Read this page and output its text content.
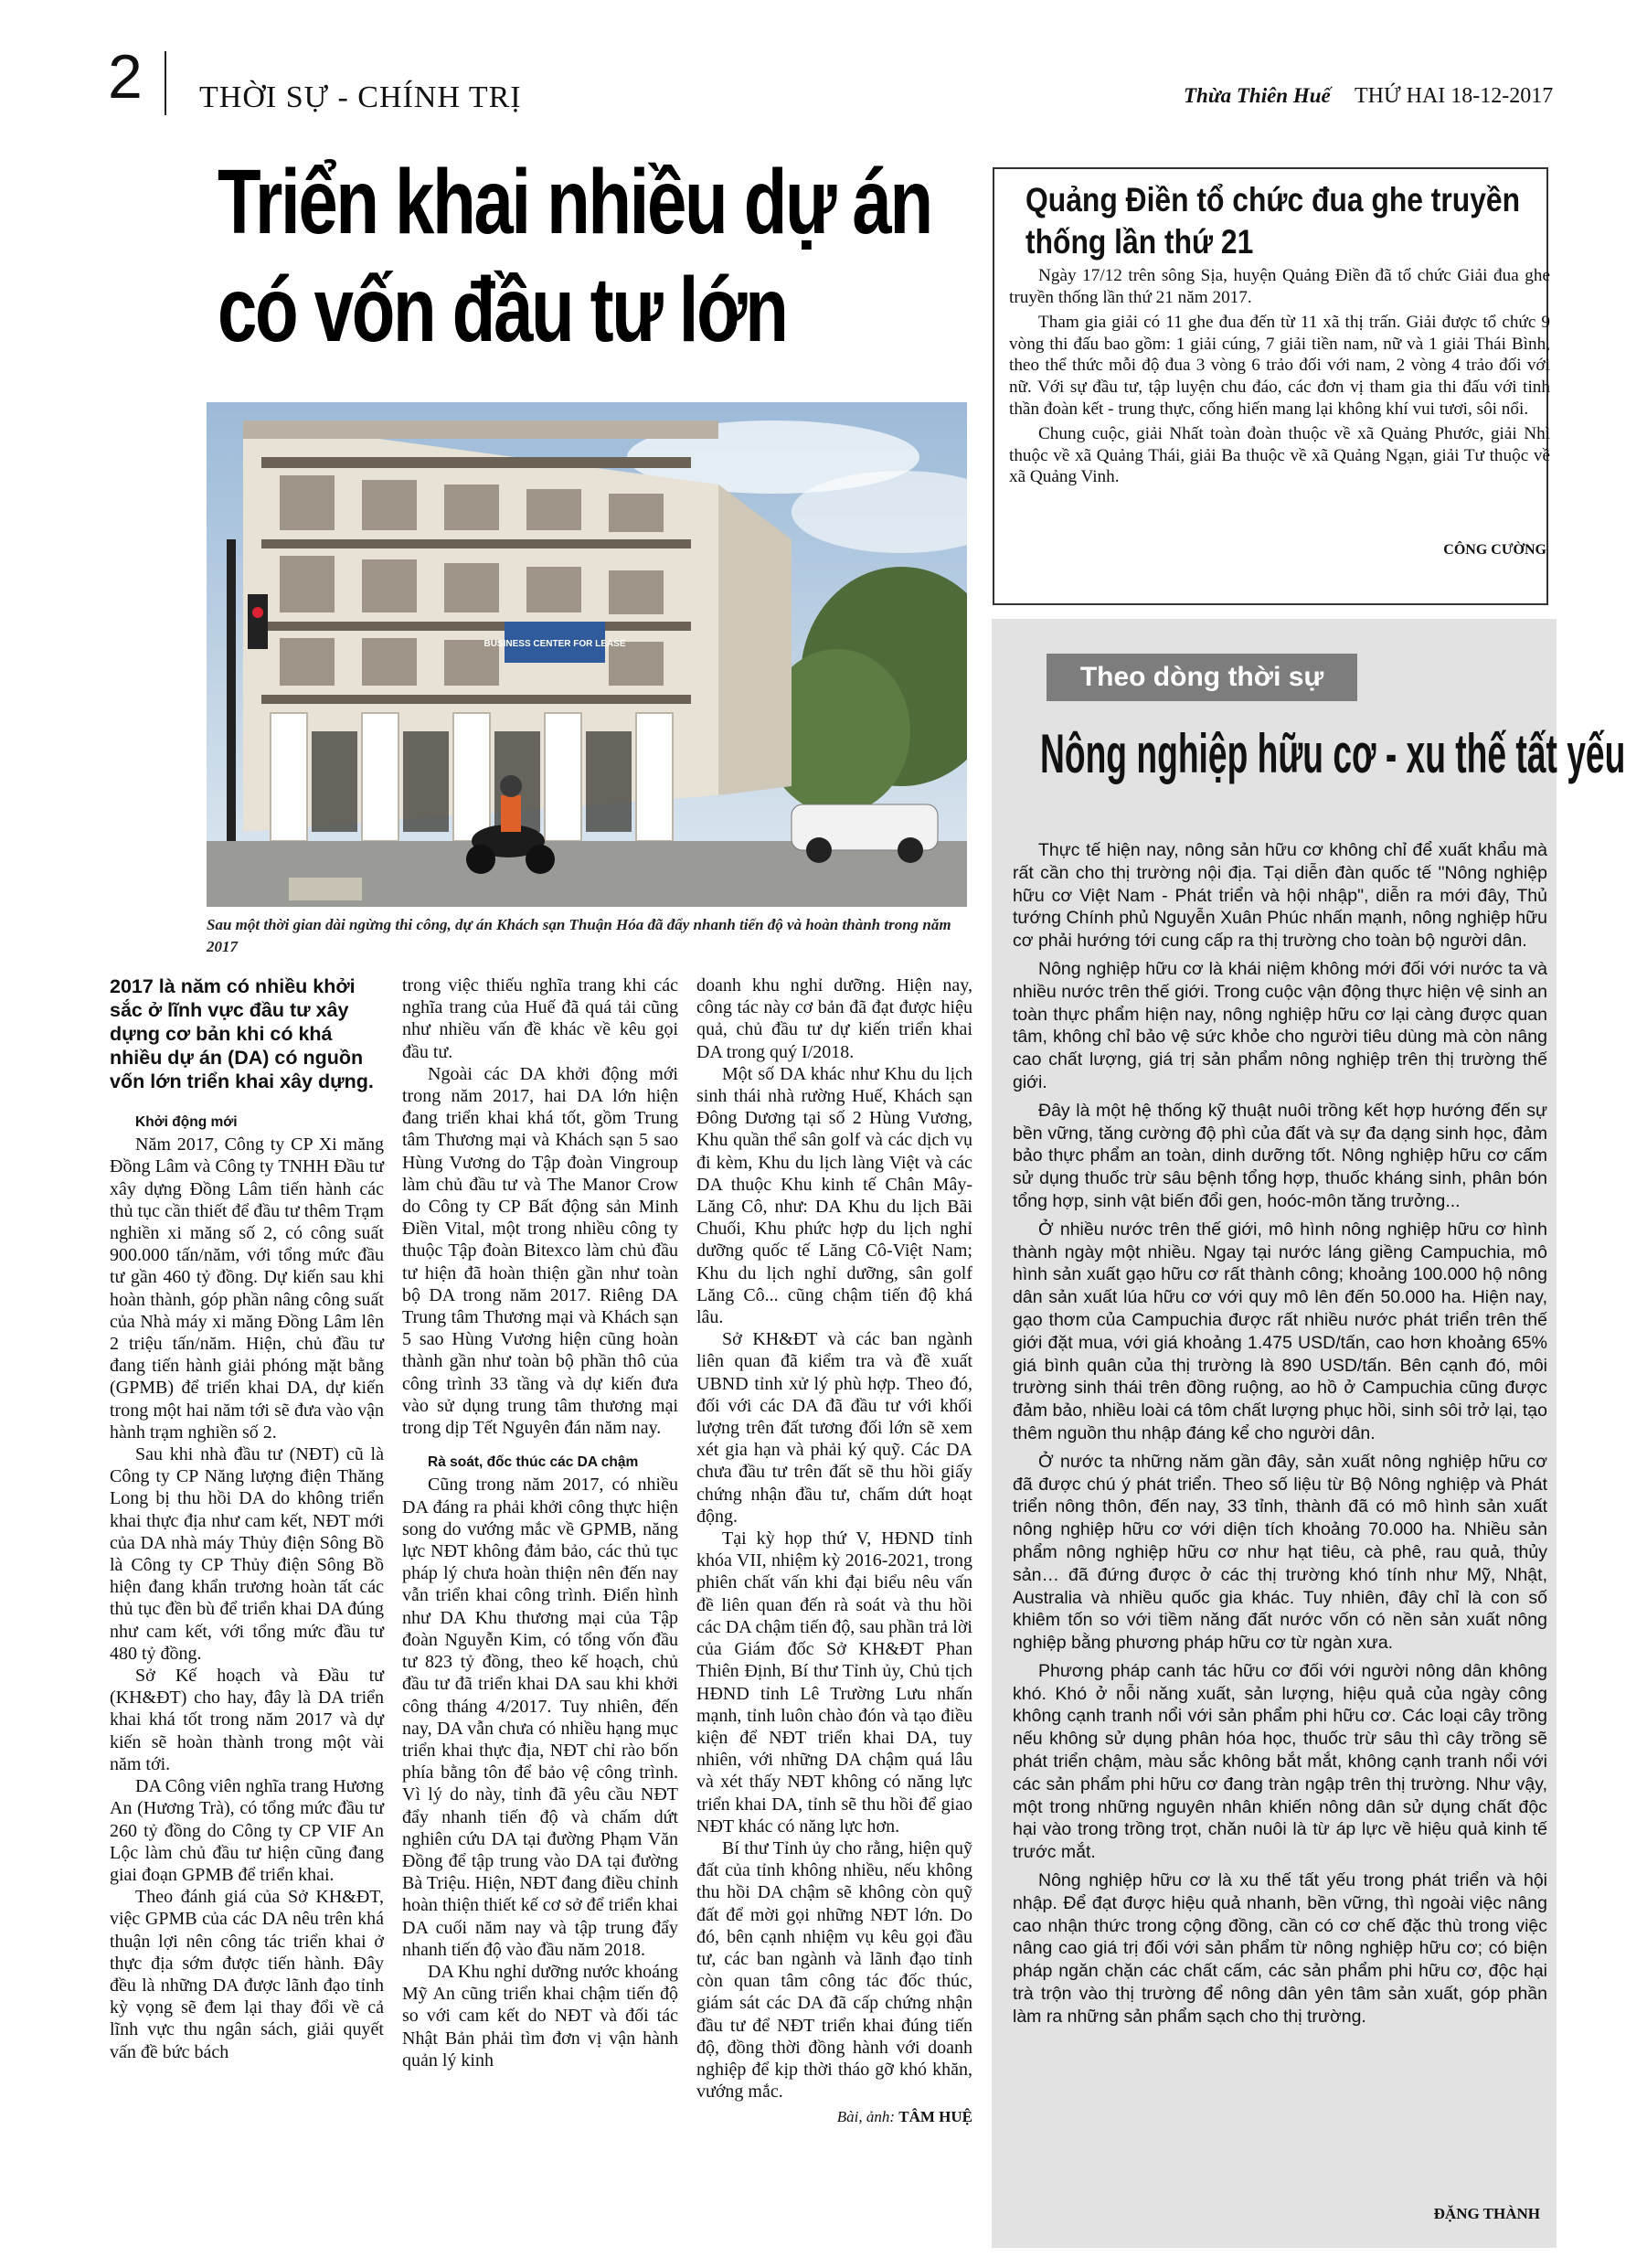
2 THỜI SỰ - CHÍNH TRỊ	Thừa Thiên Huế THỨ HAI 18-12-2017
Triển khai nhiều dự án
có vốn đầu tư lớn
BUSINESS CENTER FOR LEASE
Sau một thời gian dài ngừng thi công, dự án Khách sạn Thuận Hóa đã đẩy nhanh tiến độ và hoàn thành trong năm 2017
2017 là năm có nhiều khởi sắc ở lĩnh vực đầu tư xây dựng cơ bản khi có khá nhiều dự án (DA) có nguồn vốn lớn triển khai xây dựng.

Khởi động mới

Năm 2017, Công ty CP Xi măng Đồng Lâm và Công ty TNHH Đầu tư xây dựng Đồng Lâm tiến hành các thủ tục cần thiết để đầu tư thêm Trạm nghiền xi măng số 2, có công suất 900.000 tấn/năm, với tổng mức đầu tư gần 460 tỷ đồng. Dự kiến sau khi hoàn thành, góp phần nâng công suất của Nhà máy xi măng Đồng Lâm lên 2 triệu tấn/năm. Hiện, chủ đầu tư đang tiến hành giải phóng mặt bằng (GPMB) để triển khai DA, dự kiến trong một hai năm tới sẽ đưa vào vận hành trạm nghiền số 2.

Sau khi nhà đầu tư (NĐT) cũ là Công ty CP Năng lượng điện Thăng Long bị thu hồi DA do không triển khai thực địa như cam kết, NĐT mới của DA nhà máy Thủy điện Sông Bồ là Công ty CP Thủy điện Sông Bồ hiện đang khẩn trương hoàn tất các thủ tục đền bù để triển khai DA đúng như cam kết, với tổng mức đầu tư 480 tỷ đồng.

Sở Kế hoạch và Đầu tư (KH&ĐT) cho hay, đây là DA triển khai khá tốt trong năm 2017 và dự kiến sẽ hoàn thành trong một vài năm tới.

DA Công viên nghĩa trang Hương An (Hương Trà), có tổng mức đầu tư 260 tỷ đồng do Công ty CP VIF An Lộc làm chủ đầu tư hiện cũng đang giai đoạn GPMB để triển khai.

Theo đánh giá của Sở KH&ĐT, việc GPMB của các DA nêu trên khá thuận lợi nên công tác triển khai ở thực địa sớm được tiến hành. Đây đều là những DA được lãnh đạo tỉnh kỳ vọng sẽ đem lại thay đổi về cả lĩnh vực thu ngân sách, giải quyết vấn đề bức bách

trong việc thiếu nghĩa trang khi các nghĩa trang của Huế đã quá tải cũng như nhiều vấn đề khác về kêu gọi đầu tư.

Ngoài các DA khởi động mới trong năm 2017, hai DA lớn hiện đang triển khai khá tốt, gồm Trung tâm Thương mại và Khách sạn 5 sao Hùng Vương do Tập đoàn Vingroup làm chủ đầu tư và The Manor Crow do Công ty CP Bất động sản Minh Điền Vital, một trong nhiều công ty thuộc Tập đoàn Bitexco làm chủ đầu tư hiện đã hoàn thiện gần như toàn bộ DA trong năm 2017. Riêng DA Trung tâm Thương mại và Khách sạn 5 sao Hùng Vương hiện cũng hoàn thành gần như toàn bộ phần thô của công trình 33 tầng và dự kiến đưa vào sử dụng trung tâm thương mại trong dịp Tết Nguyên đán năm nay.

Rà soát, đốc thúc các DA chậm

Cũng trong năm 2017, có nhiều DA đáng ra phải khởi công thực hiện song do vướng mắc về GPMB, năng lực NĐT không đảm bảo, các thủ tục pháp lý chưa hoàn thiện nên đến nay vẫn triển khai công trình. Điển hình như DA Khu thương mại của Tập đoàn Nguyễn Kim, có tổng vốn đầu tư 823 tỷ đồng, theo kế hoạch, chủ đầu tư đã triển khai DA sau khi khởi công tháng 4/2017. Tuy nhiên, đến nay, DA vẫn chưa có nhiều hạng mục triển khai thực địa, NĐT chỉ rào bốn phía bằng tôn để bảo vệ công trình. Vì lý do này, tỉnh đã yêu cầu NĐT đẩy nhanh tiến độ và chấm dứt nghiên cứu DA tại đường Phạm Văn Đồng để tập trung vào DA tại đường Bà Triệu. Hiện, NĐT đang điều chỉnh hoàn thiện thiết kế cơ sở để triển khai DA cuối năm nay và tập trung đẩy nhanh tiến độ vào đầu năm 2018.

DA Khu nghỉ dưỡng nước khoáng Mỹ An cũng triển khai chậm tiến độ so với cam kết do NĐT và đối tác Nhật Bản phải tìm đơn vị vận hành quản lý kinh

doanh khu nghỉ dưỡng. Hiện nay, công tác này cơ bản đã đạt được hiệu quả, chủ đầu tư dự kiến triển khai DA trong quý I/2018.

Một số DA khác như Khu du lịch sinh thái nhà rường Huế, Khách sạn Đông Dương tại số 2 Hùng Vương, Khu quần thể sân golf và các dịch vụ đi kèm, Khu du lịch làng Việt và các DA thuộc Khu kinh tế Chân Mây- Lăng Cô, như: DA Khu du lịch Bãi Chuối, Khu phức hợp du lịch nghỉ dưỡng quốc tế Lăng Cô-Việt Nam; Khu du lịch nghỉ dưỡng, sân golf Lăng Cô... cũng chậm tiến độ khá lâu.

Sở KH&ĐT và các ban ngành liên quan đã kiểm tra và đề xuất UBND tỉnh xử lý phù hợp. Theo đó, đối với các DA đã đầu tư với khối lượng trên đất tương đối lớn sẽ xem xét gia hạn và phải ký quỹ. Các DA chưa đầu tư trên đất sẽ thu hồi giấy chứng nhận đầu tư, chấm dứt hoạt động.

Tại kỳ họp thứ V, HĐND tỉnh khóa VII, nhiệm kỳ 2016-2021, trong phiên chất vấn khi đại biểu nêu vấn đề liên quan đến rà soát và thu hồi các DA chậm tiến độ, sau phần trả lời của Giám đốc Sở KH&ĐT Phan Thiên Định, Bí thư Tỉnh ủy, Chủ tịch HĐND tỉnh Lê Trường Lưu nhấn mạnh, tỉnh luôn chào đón và tạo điều kiện để NĐT triển khai DA, tuy nhiên, với những DA chậm quá lâu và xét thấy NĐT không có năng lực triển khai DA, tỉnh sẽ thu hồi để giao NĐT khác có năng lực hơn.

Bí thư Tỉnh ủy cho rằng, hiện quỹ đất của tỉnh không nhiều, nếu không thu hồi DA chậm sẽ không còn quỹ đất để mời gọi những NĐT lớn. Do đó, bên cạnh nhiệm vụ kêu gọi đầu tư, các ban ngành và lãnh đạo tỉnh còn quan tâm công tác đốc thúc, giám sát các DA đã cấp chứng nhận đầu tư để NĐT triển khai đúng tiến độ, đồng thời đồng hành với doanh nghiệp để kịp thời tháo gỡ khó khăn, vướng mắc.

Bài, ảnh: TÂM HUỆ
Quảng Điền tổ chức đua ghe truyền thống lần thứ 21

Ngày 17/12 trên sông Sịa, huyện Quảng Điền đã tổ chức Giải đua ghe truyền thống lần thứ 21 năm 2017.

Tham gia giải có 11 ghe đua đến từ 11 xã thị trấn. Giải được tổ chức 9 vòng thi đấu bao gồm: 1 giải cúng, 7 giải tiền nam, nữ và 1 giải Thái Bình, theo thể thức mỗi độ đua 3 vòng 6 trảo đối với nam, 2 vòng 4 trảo đối với nữ. Với sự đầu tư, tập luyện chu đáo, các đơn vị tham gia thi đấu với tinh thần đoàn kết - trung thực, cống hiến mang lại không khí vui tươi, sôi nổi.

Chung cuộc, giải Nhất toàn đoàn thuộc về xã Quảng Phước, giải Nhì thuộc về xã Quảng Thái, giải Ba thuộc về xã Quảng Ngạn, giải Tư thuộc về xã Quảng Vinh.

CÔNG CƯỜNG
Theo dòng thời sự
Nông nghiệp hữu cơ - xu thế tất yếu

Thực tế hiện nay, nông sản hữu cơ không chỉ để xuất khẩu mà rất cần cho thị trường nội địa. Tại diễn đàn quốc tế "Nông nghiệp hữu cơ Việt Nam - Phát triển và hội nhập", diễn ra mới đây, Thủ tướng Chính phủ Nguyễn Xuân Phúc nhấn mạnh, nông nghiệp hữu cơ phải hướng tới cung cấp ra thị trường cho toàn bộ người dân.

Nông nghiệp hữu cơ là khái niệm không mới đối với nước ta và nhiều nước trên thế giới. Trong cuộc vận động thực hiện vệ sinh an toàn thực phẩm hiện nay, nông nghiệp hữu cơ lại càng được quan tâm, không chỉ bảo vệ sức khỏe cho người tiêu dùng mà còn nâng cao chất lượng, giá trị sản phẩm nông nghiệp trên thị trường thế giới.

Đây là một hệ thống kỹ thuật nuôi trồng kết hợp hướng đến sự bền vững, tăng cường độ phì của đất và sự đa dạng sinh học, đảm bảo thực phẩm an toàn, dinh dưỡng tốt. Nông nghiệp hữu cơ cấm sử dụng thuốc trừ sâu bệnh tổng hợp, thuốc kháng sinh, phân bón tổng hợp, sinh vật biến đổi gen, hoóc-môn tăng trưởng...

Ở nhiều nước trên thế giới, mô hình nông nghiệp hữu cơ hình thành ngày một nhiều. Ngay tại nước láng giềng Campuchia, mô hình sản xuất gạo hữu cơ rất thành công; khoảng 100.000 hộ nông dân sản xuất lúa hữu cơ với quy mô lên đến 50.000 ha. Hiện nay, gạo thơm của Campuchia được rất nhiều nước phát triển trên thế giới đặt mua, với giá khoảng 1.475 USD/tấn, cao hơn khoảng 65% giá bình quân của thị trường là 890 USD/tấn. Bên cạnh đó, môi trường sinh thái trên đồng ruộng, ao hồ ở Campuchia cũng được đảm bảo, nhiều loài cá tôm chất lượng phục hồi, sinh sôi trở lại, tạo thêm nguồn thu nhập đáng kể cho người dân.

Ở nước ta những năm gần đây, sản xuất nông nghiệp hữu cơ đã được chú ý phát triển. Theo số liệu từ Bộ Nông nghiệp và Phát triển nông thôn, đến nay, 33 tỉnh, thành đã có mô hình sản xuất nông nghiệp hữu cơ với diện tích khoảng 70.000 ha. Nhiều sản phẩm nông nghiệp hữu cơ như hạt tiêu, cà phê, rau quả, thủy sản… đã đứng được ở các thị trường khó tính như Mỹ, Nhật, Australia và nhiều quốc gia khác. Tuy nhiên, đây chỉ là con số khiêm tốn so với tiềm năng đất nước vốn có nền sản xuất nông nghiệp bằng phương pháp hữu cơ từ ngàn xưa.

Phương pháp canh tác hữu cơ đối với người nông dân không khó. Khó ở nỗi năng xuất, sản lượng, hiệu quả của ngày công không cạnh tranh nổi với sản phẩm phi hữu cơ. Các loại cây trồng nếu không sử dụng phân hóa học, thuốc trừ sâu thì cây trồng sẽ phát triển chậm, màu sắc không bắt mắt, không cạnh tranh nổi với các sản phẩm phi hữu cơ đang tràn ngập trên thị trường. Như vậy, một trong những nguyên nhân khiến nông dân sử dụng chất độc hại vào trong trồng trọt, chăn nuôi là từ áp lực về hiệu quả kinh tế trước mắt.

Nông nghiệp hữu cơ là xu thế tất yếu trong phát triển và hội nhập. Để đạt được hiệu quả nhanh, bền vững, thì ngoài việc nâng cao nhận thức trong cộng đồng, cần có cơ chế đặc thù trong việc nâng cao giá trị đối với sản phẩm từ nông nghiệp hữu cơ; có biện pháp ngăn chặn các chất cấm, các sản phẩm phi hữu cơ, độc hại trà trộn vào thị trường để nông dân yên tâm sản xuất, góp phần làm ra những sản phẩm sạch cho thị trường.

ĐẶNG THÀNH
